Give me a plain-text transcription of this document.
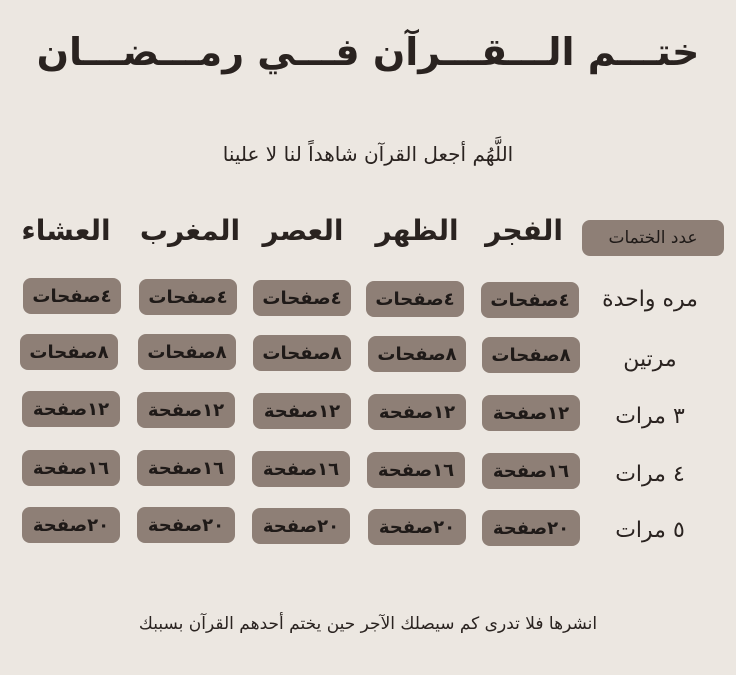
ختـــم الـــقـــرآن فـــي رمـــضـــان
اللَّهُم أجعل القرآن شاهداً لنا لا علينا
عدد الختمات
الفجر
الظهر
العصر
المغرب
العشاء
مره واحدة
٤صفحات
٤صفحات
٤صفحات
٤صفحات
٤صفحات
مرتين
٨صفحات
٨صفحات
٨صفحات
٨صفحات
٨صفحات
٣ مرات
١٢صفحة
١٢صفحة
١٢صفحة
١٢صفحة
١٢صفحة
٤ مرات
١٦صفحة
١٦صفحة
١٦صفحة
١٦صفحة
١٦صفحة
٥ مرات
٢٠صفحة
٢٠صفحة
٢٠صفحة
٢٠صفحة
٢٠صفحة
انشرها فلا تدرى كم سيصلك الآجر حين يختم أحدهم القرآن بسببك
